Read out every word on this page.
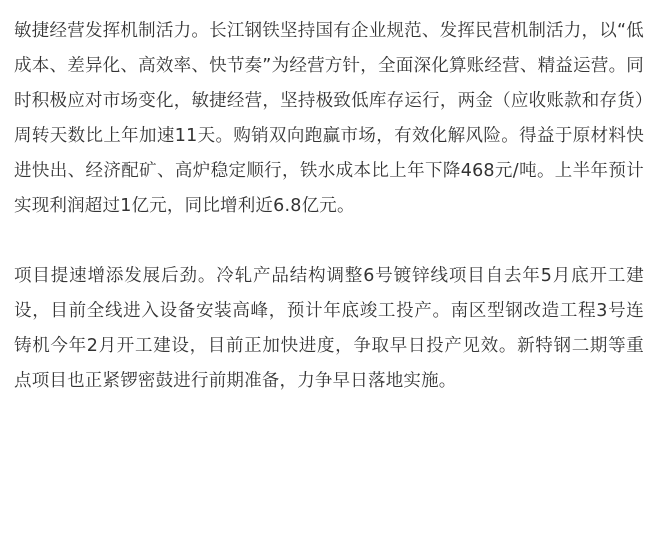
敏捷经营发挥机制活力。长江钢铁坚持国有企业规范、发挥民营机制活力，以“低成本、差异化、高效率、快节奏”为经营方针，全面深化算账经营、精益运营。同时积极应对市场变化，敏捷经营，坚持极致低库存运行，两金（应收账款和存货）周转天数比上年加速11天。购销双向跑赢市场，有效化解风险。得益于原材料快进快出、经济配矿、高炉稳定顺行，铁水成本比上年下降468元/吨。上半年预计实现利润超过1亿元，同比增利近6.8亿元。

项目提速增添发展后劲。冷轧产品结构调整6号镀锌线项目自去年5月底开工建设，目前全线进入设备安装高峰，预计年底竣工投产。南区型钢改造工程3号连铸机今年2月开工建设，目前正加快进度，争取早日投产见效。新特钢二期等重点项目也正紧锣密鼓进行前期准备，力争早日落地实施。
